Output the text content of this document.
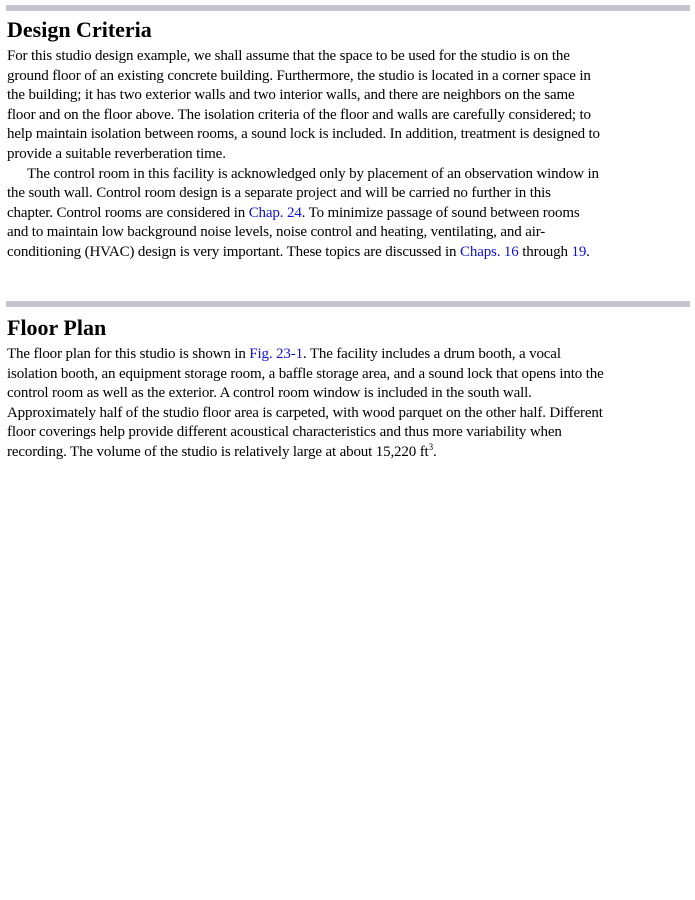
Design Criteria
For this studio design example, we shall assume that the space to be used for the studio is on the
ground floor of an existing concrete building. Furthermore, the studio is located in a corner space in
the building; it has two exterior walls and two interior walls, and there are neighbors on the same
floor and on the floor above. The isolation criteria of the floor and walls are carefully considered; to
help maintain isolation between rooms, a sound lock is included. In addition, treatment is designed to
provide a suitable reverberation time.
The control room in this facility is acknowledged only by placement of an observation window in
the south wall. Control room design is a separate project and will be carried no further in this
chapter. Control rooms are considered in Chap. 24. To minimize passage of sound between rooms
and to maintain low background noise levels, noise control and heating, ventilating, and air-
conditioning (HVAC) design is very important. These topics are discussed in Chaps. 16 through 19.
Floor Plan
The floor plan for this studio is shown in Fig. 23-1. The facility includes a drum booth, a vocal
isolation booth, an equipment storage room, a baffle storage area, and a sound lock that opens into the
control room as well as the exterior. A control room window is included in the south wall.
Approximately half of the studio floor area is carpeted, with wood parquet on the other half. Different
floor coverings help provide different acoustical characteristics and thus more variability when
recording. The volume of the studio is relatively large at about 15,220 $ft^3$.
